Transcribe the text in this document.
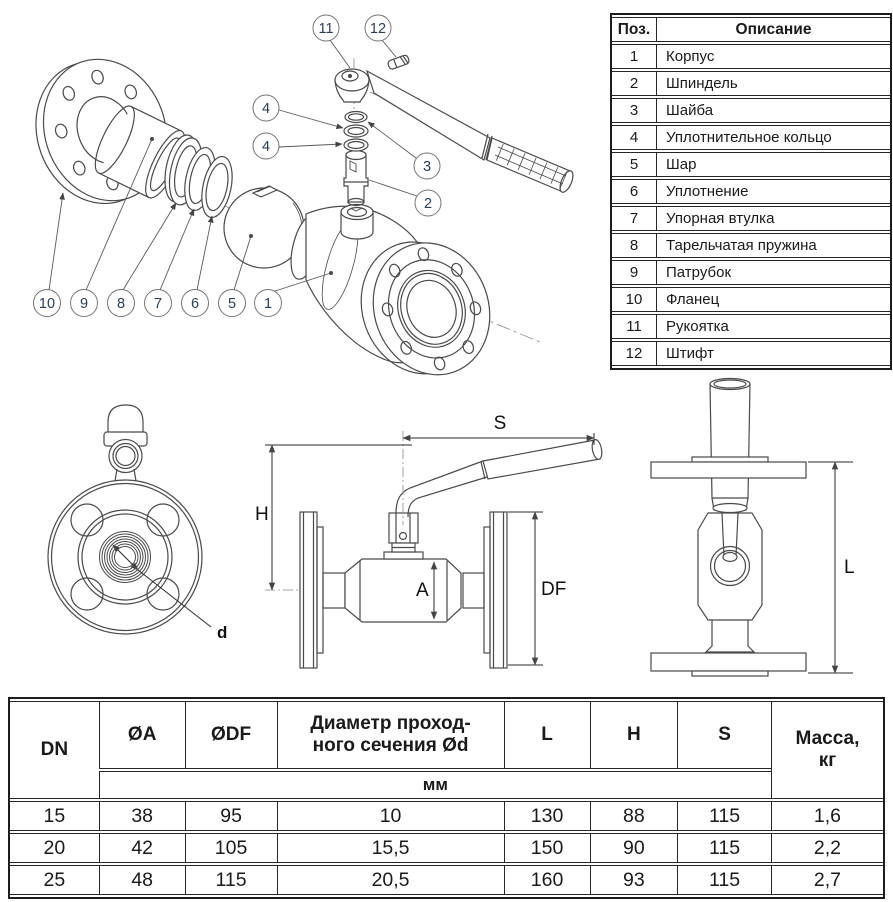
11	12
4
4
3
2
10 9 8 7 6 5 1
Поз.	Описание
1	Корпус
2	Шпиндель
3	Шайба
4	Уплотнительное кольцо
5	Шар
6	Уплотнение
7	Упорная втулка
8	Тарельчатая пружина
9	Патрубок
10	Фланец
11	Рукоятка
12	Штифт
d
S
H
A	DF
L
DN	ØA	ØDF	Диаметр проход-
ного сечения Ød	L	H	S	Масса,
кг

	мм						
15	38	95	10	130	88	115	1,6
20	42	105	15,5	150	90	115	2,2
25	48	115	20,5	160	93	115	2,7
